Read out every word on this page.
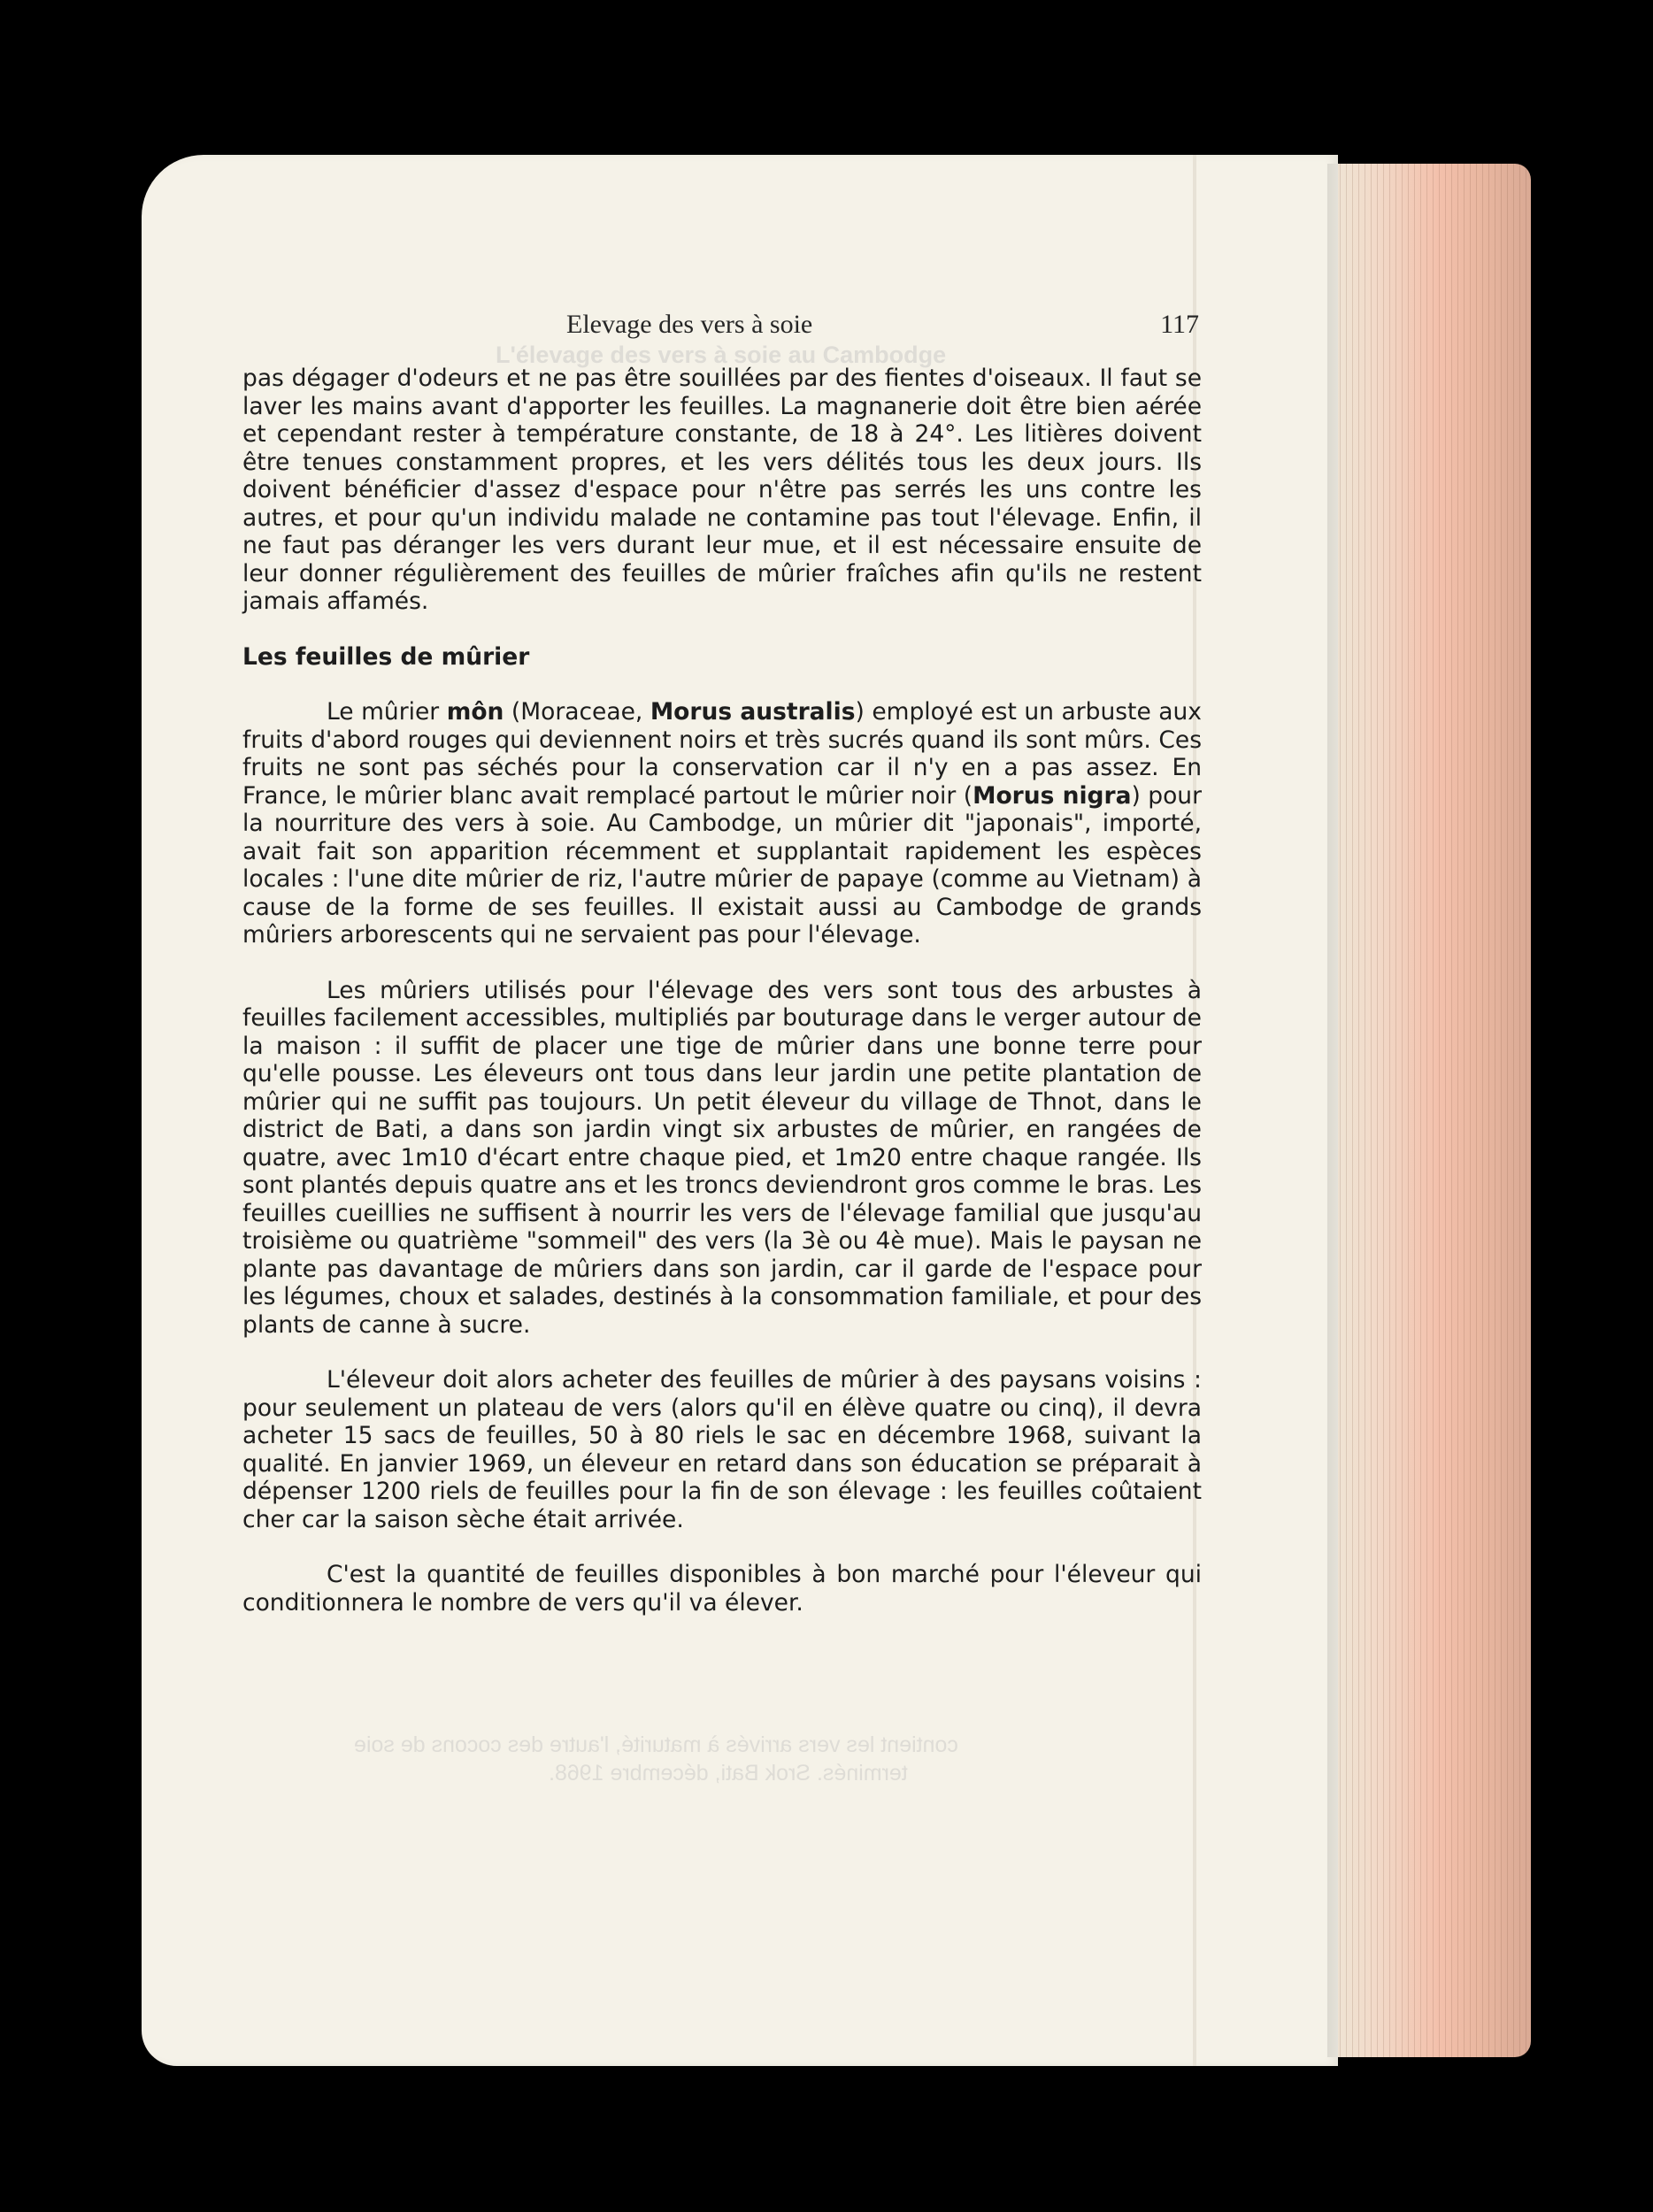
L'élevage des vers à soie au Cambodge
contient les vers arrivés à maturité, l'autre des cocons de soie
terminés. Srok Bati, décembre 1968.
Elevage des vers à soie	117

pas dégager d'odeurs et ne pas être souillées par des fientes d'oiseaux. Il faut se laver les mains avant d'apporter les feuilles. La magnanerie doit être bien aérée et cependant rester à température constante, de 18 à 24°. Les litières doivent être tenues constamment propres, et les vers délités tous les deux jours. Ils doivent bénéficier d'assez d'espace pour n'être pas serrés les uns contre les autres, et pour qu'un individu malade ne contamine pas tout l'élevage. Enfin, il ne faut pas déranger les vers durant leur mue, et il est nécessaire ensuite de leur donner régulièrement des feuilles de mûrier fraîches afin qu'ils ne restent jamais affamés.

Les feuilles de mûrier

Le mûrier môn (Moraceae, Morus australis) employé est un arbuste aux fruits d'abord rouges qui deviennent noirs et très sucrés quand ils sont mûrs. Ces fruits ne sont pas séchés pour la conservation car il n'y en a pas assez. En France, le mûrier blanc avait remplacé partout le mûrier noir (Morus nigra) pour la nourriture des vers à soie. Au Cambodge, un mûrier dit "japonais", importé, avait fait son apparition récemment et supplantait rapidement les espèces locales : l'une dite mûrier de riz, l'autre mûrier de papaye (comme au Vietnam) à cause de la forme de ses feuilles. Il existait aussi au Cambodge de grands mûriers arborescents qui ne servaient pas pour l'élevage.

Les mûriers utilisés pour l'élevage des vers sont tous des arbustes à feuilles facilement accessibles, multipliés par bouturage dans le verger autour de la maison : il suffit de placer une tige de mûrier dans une bonne terre pour qu'elle pousse. Les éleveurs ont tous dans leur jardin une petite plantation de mûrier qui ne suffit pas toujours. Un petit éleveur du village de Thnot, dans le district de Bati, a dans son jardin vingt six arbustes de mûrier, en rangées de quatre, avec 1m10 d'écart entre chaque pied, et 1m20 entre chaque rangée. Ils sont plantés depuis quatre ans et les troncs deviendront gros comme le bras. Les feuilles cueillies ne suffisent à nourrir les vers de l'élevage familial que jusqu'au troisième ou quatrième "sommeil" des vers (la 3è ou 4è mue). Mais le paysan ne plante pas davantage de mûriers dans son jardin, car il garde de l'espace pour les légumes, choux et salades, destinés à la consommation familiale, et pour des plants de canne à sucre.

L'éleveur doit alors acheter des feuilles de mûrier à des paysans voisins : pour seulement un plateau de vers (alors qu'il en élève quatre ou cinq), il devra acheter 15 sacs de feuilles, 50 à 80 riels le sac en décembre 1968, suivant la qualité. En janvier 1969, un éleveur en retard dans son éducation se préparait à dépenser 1200 riels de feuilles pour la fin de son élevage : les feuilles coûtaient cher car la saison sèche était arrivée.

C'est la quantité de feuilles disponibles à bon marché pour l'éleveur qui conditionnera le nombre de vers qu'il va élever.
